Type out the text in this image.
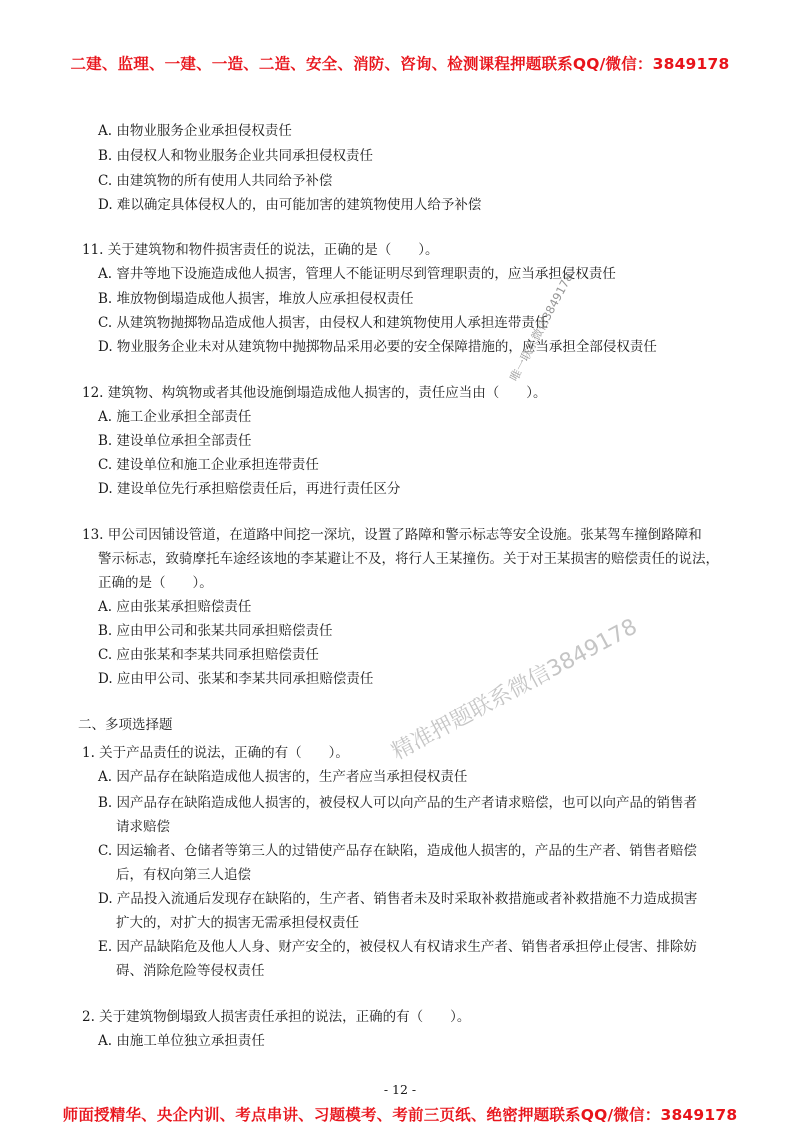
二建、监理、一建、一造、二造、安全、消防、咨询、检测课程押题联系QQ/微信：3849178
A. 由物业服务企业承担侵权责任
B. 由侵权人和物业服务企业共同承担侵权责任
C. 由建筑物的所有使用人共同给予补偿
D. 难以确定具体侵权人的，由可能加害的建筑物使用人给予补偿
11. 关于建筑物和物件损害责任的说法，正确的是（　　）。
A. 窨井等地下设施造成他人损害，管理人不能证明尽到管理职责的，应当承担侵权责任
B. 堆放物倒塌造成他人损害，堆放人应承担侵权责任
C. 从建筑物抛掷物品造成他人损害，由侵权人和建筑物使用人承担连带责任
D. 物业服务企业未对从建筑物中抛掷物品采用必要的安全保障措施的，应当承担全部侵权责任
12. 建筑物、构筑物或者其他设施倒塌造成他人损害的，责任应当由（　　）。
A. 施工企业承担全部责任
B. 建设单位承担全部责任
C. 建设单位和施工企业承担连带责任
D. 建设单位先行承担赔偿责任后，再进行责任区分
13. 甲公司因铺设管道，在道路中间挖一深坑，设置了路障和警示标志等安全设施。张某驾车撞倒路障和
警示标志，致骑摩托车途经该地的李某避让不及，将行人王某撞伤。关于对王某损害的赔偿责任的说法，
正确的是（　　）。
A. 应由张某承担赔偿责任
B. 应由甲公司和张某共同承担赔偿责任
C. 应由张某和李某共同承担赔偿责任
D. 应由甲公司、张某和李某共同承担赔偿责任
二、多项选择题
1. 关于产品责任的说法，正确的有（　　）。
A. 因产品存在缺陷造成他人损害的，生产者应当承担侵权责任
B. 因产品存在缺陷造成他人损害的，被侵权人可以向产品的生产者请求赔偿，也可以向产品的销售者
请求赔偿
C. 因运输者、仓储者等第三人的过错使产品存在缺陷，造成他人损害的，产品的生产者、销售者赔偿
后，有权向第三人追偿
D. 产品投入流通后发现存在缺陷的，生产者、销售者未及时采取补救措施或者补救措施不力造成损害
扩大的，对扩大的损害无需承担侵权责任
E. 因产品缺陷危及他人人身、财产安全的，被侵权人有权请求生产者、销售者承担停止侵害、排除妨
碍、消除危险等侵权责任
2. 关于建筑物倒塌致人损害责任承担的说法，正确的有（　　）。
A. 由施工单位独立承担责任
唯一联系微信3849178
精准押题联系微信3849178
- 12 -
师面授精华、央企内训、考点串讲、习题模考、考前三页纸、绝密押题联系QQ/微信：3849178
